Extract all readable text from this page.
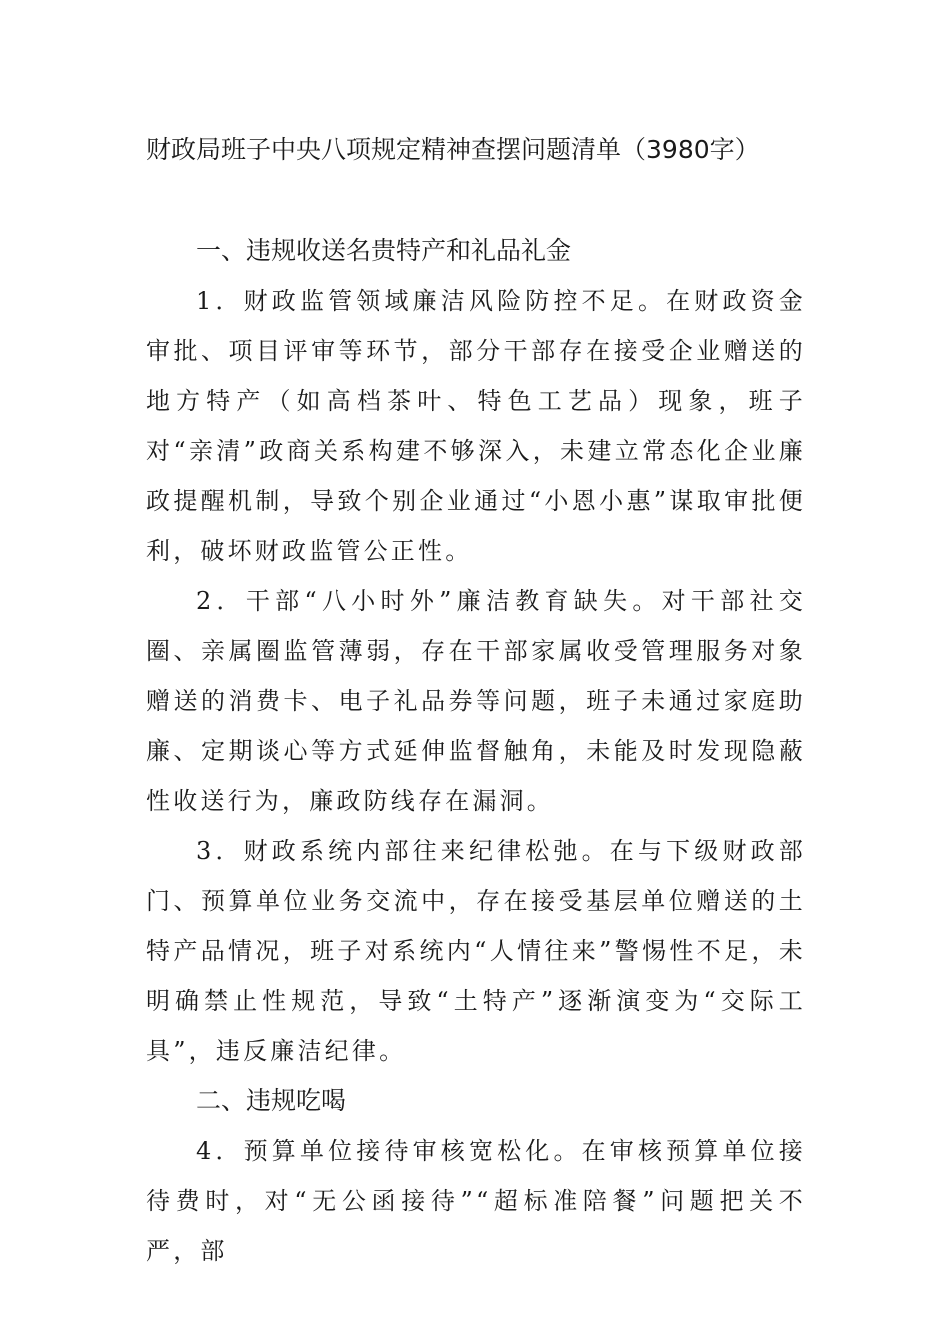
财政局班子中央八项规定精神查摆问题清单（3980字）
一、违规收送名贵特产和礼品礼金

1．财政监管领域廉洁风险防控不足。在财政资金审批、项目评审等环节，部分干部存在接受企业赠送的地方特产（如高档茶叶、特色工艺品）现象，班子对“亲清”政商关系构建不够深入，未建立常态化企业廉政提醒机制，导致个别企业通过“小恩小惠”谋取审批便利，破坏财政监管公正性。

2．干部“八小时外”廉洁教育缺失。对干部社交圈、亲属圈监管薄弱，存在干部家属收受管理服务对象赠送的消费卡、电子礼品券等问题，班子未通过家庭助廉、定期谈心等方式延伸监督触角，未能及时发现隐蔽性收送行为，廉政防线存在漏洞。

3．财政系统内部往来纪律松弛。在与下级财政部门、预算单位业务交流中，存在接受基层单位赠送的土特产品情况，班子对系统内“人情往来”警惕性不足，未明确禁止性规范，导致“土特产”逐渐演变为“交际工具”，违反廉洁纪律。

二、违规吃喝

4．预算单位接待审核宽松化。在审核预算单位接待费时，对“无公函接待”“超标准陪餐”问题把关不严，部
